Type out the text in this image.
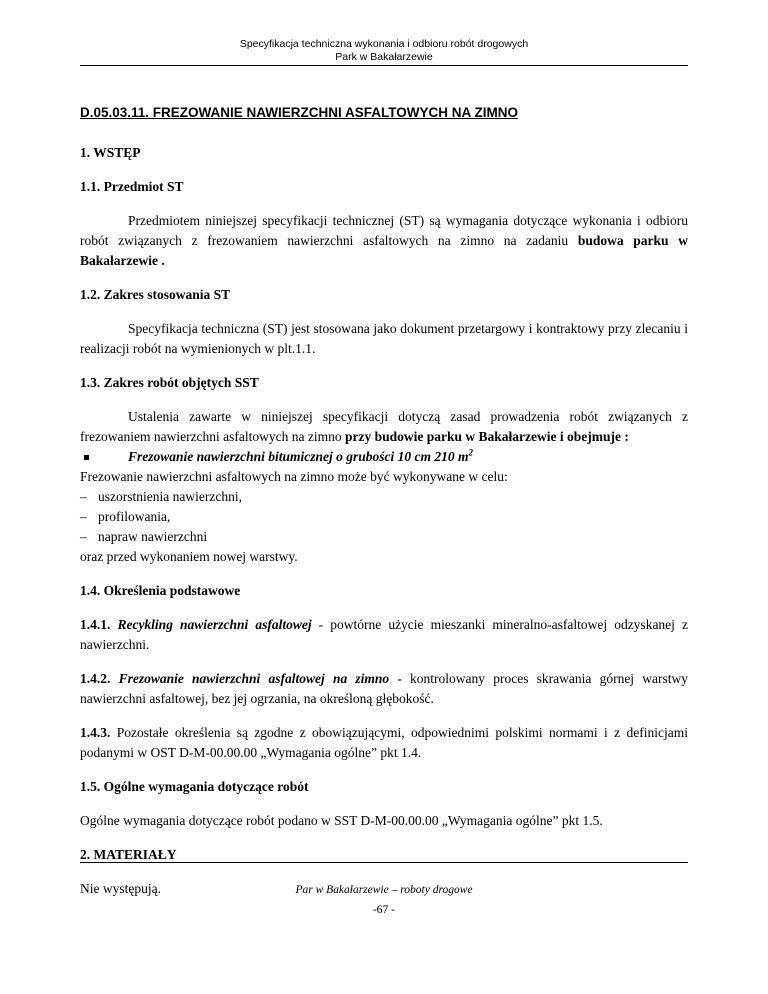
Specyfikacja techniczna wykonania i odbioru robót drogowych
Park w Bakałarzewie
D.05.03.11. FREZOWANIE NAWIERZCHNI ASFALTOWYCH NA ZIMNO
1. WSTĘP
1.1. Przedmiot ST

Przedmiotem niniejszej specyfikacji technicznej (ST) są wymagania dotyczące wykonania i odbioru robót związanych z frezowaniem nawierzchni asfaltowych na zimno na zadaniu budowa parku w Bakałarzewie .

1.2. Zakres stosowania ST

Specyfikacja techniczna (ST) jest stosowana jako dokument przetargowy i kontraktowy przy zlecaniu i realizacji robót na wymienionych w plt.1.1.

1.3. Zakres robót objętych SST

Ustalenia zawarte w niniejszej specyfikacji dotyczą zasad prowadzenia robót związanych z frezowaniem nawierzchni asfaltowych na zimno przy budowie parku w Bakałarzewie i obejmuje :

Frezowanie nawierzchni bitumicznej o grubości 10 cm 210 $m^2$

Frezowanie nawierzchni asfaltowych na zimno może być wykonywane w celu:

– uszorstnienia nawierzchni,
– profilowania,
– napraw nawierzchni

oraz przed wykonaniem nowej warstwy.

1.4. Określenia podstawowe

1.4.1. Recykling nawierzchni asfaltowej - powtórne użycie mieszanki mineralno-asfaltowej odzyskanej z nawierzchni.

1.4.2. Frezowanie nawierzchni asfaltowej na zimno - kontrolowany proces skrawania górnej warstwy nawierzchni asfaltowej, bez jej ogrzania, na określoną głębokość.

1.4.3. Pozostałe określenia są zgodne z obowiązującymi, odpowiednimi polskimi normami i z definicjami podanymi w OST D-M-00.00.00 „Wymagania ogólne” pkt 1.4.

1.5. Ogólne wymagania dotyczące robót

Ogólne wymagania dotyczące robót podano w SST D-M-00.00.00 „Wymagania ogólne” pkt 1.5.

2. MATERIAŁY

Nie występują.	Par w Bakałarzewie – roboty drogowe
-67 -
